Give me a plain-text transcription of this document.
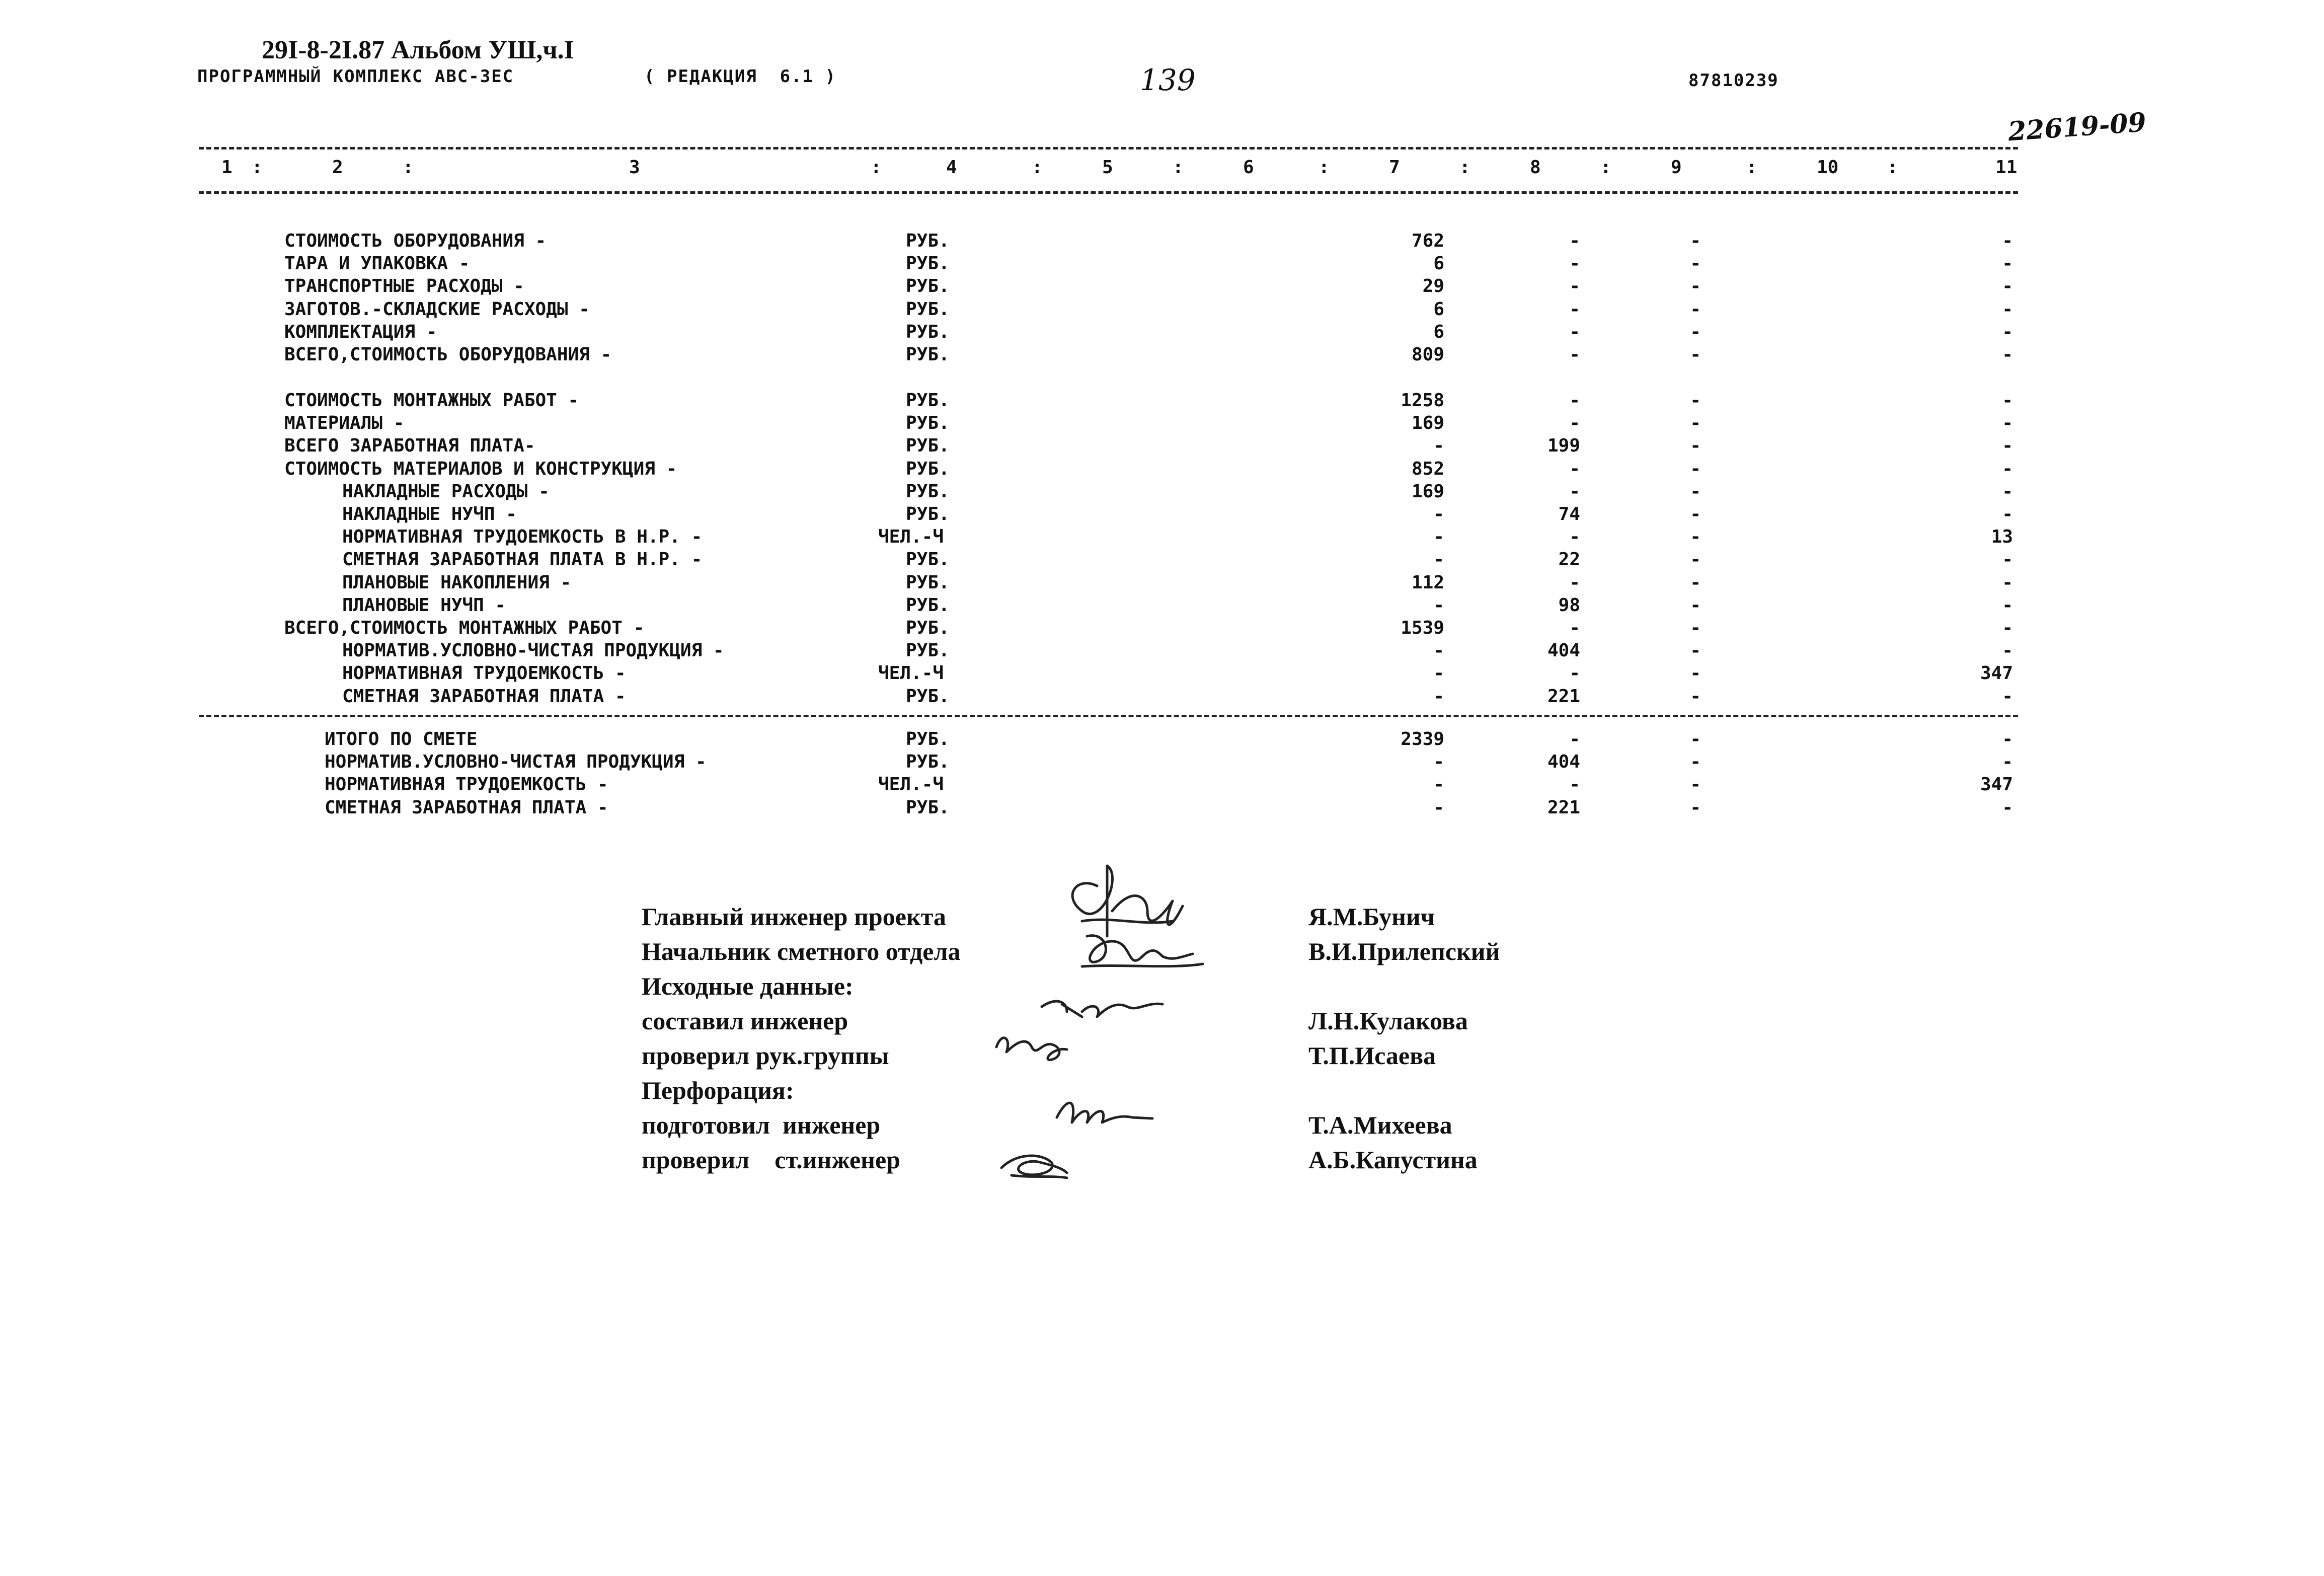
29I-8-2I.87 Альбом УШ,ч.I
ПРОГРАММНЫЙ КОМПЛЕКС АВС-3ЕС	( РЕДАКЦИЯ  6.1 )	139	87810239
22619-09
1	2	3	4	5	6	7	8	9	10	11
:	:	:	:	:	:	:	:	:	:
СТОИМОСТЬ ОБОРУДОВАНИЯ -	РУБ.	762	-	-	-
ТАРА И УПАКОВКА -	РУБ.	6	-	-	-
ТРАНСПОРТНЫЕ РАСХОДЫ -	РУБ.	29	-	-	-
ЗАГОТОВ.-СКЛАДСКИЕ РАСХОДЫ -	РУБ.	6	-	-	-
КОМПЛЕКТАЦИЯ -	РУБ.	6	-	-	-
ВСЕГО,СТОИМОСТЬ ОБОРУДОВАНИЯ -	РУБ.	809	-	-	-
СТОИМОСТЬ МОНТАЖНЫХ РАБОТ -	РУБ.	1258	-	-	-
МАТЕРИАЛЫ -	РУБ.	169	-	-	-
ВСЕГО ЗАРАБОТНАЯ ПЛАТА-	РУБ.	-	199	-	-
СТОИМОСТЬ МАТЕРИАЛОВ И КОНСТРУКЦИЯ -	РУБ.	852	-	-	-
НАКЛАДНЫЕ РАСХОДЫ -	РУБ.	169	-	-	-
НАКЛАДНЫЕ НУЧП -	РУБ.	-	74	-	-
НОРМАТИВНАЯ ТРУДОЕМКОСТЬ В Н.Р. -	ЧЕЛ.-Ч	-	-	-	13
СМЕТНАЯ ЗАРАБОТНАЯ ПЛАТА В Н.Р. -	РУБ.	-	22	-	-
ПЛАНОВЫЕ НАКОПЛЕНИЯ -	РУБ.	112	-	-	-
ПЛАНОВЫЕ НУЧП -	РУБ.	-	98	-	-
ВСЕГО,СТОИМОСТЬ МОНТАЖНЫХ РАБОТ -	РУБ.	1539	-	-	-
НОРМАТИВ.УСЛОВНО-ЧИСТАЯ ПРОДУКЦИЯ -	РУБ.	-	404	-	-
НОРМАТИВНАЯ ТРУДОЕМКОСТЬ -	ЧЕЛ.-Ч	-	-	-	347
СМЕТНАЯ ЗАРАБОТНАЯ ПЛАТА -	РУБ.	-	221	-	-
ИТОГО ПО СМЕТЕ	РУБ.	2339	-	-	-
НОРМАТИВ.УСЛОВНО-ЧИСТАЯ ПРОДУКЦИЯ -	РУБ.	-	404	-	-
НОРМАТИВНАЯ ТРУДОЕМКОСТЬ -	ЧЕЛ.-Ч	-	-	-	347
СМЕТНАЯ ЗАРАБОТНАЯ ПЛАТА -	РУБ.	-	221	-	-
Главный инженер проекта	Я.М.Бунич
Начальник сметного отдела	В.И.Прилепский
Исходные данные:
составил инженер	Л.Н.Кулакова
проверил рук.группы	Т.П.Исаева
Перфорация:
подготовил  инженер	Т.А.Михеева
проверил    ст.инженер	А.Б.Капустина
